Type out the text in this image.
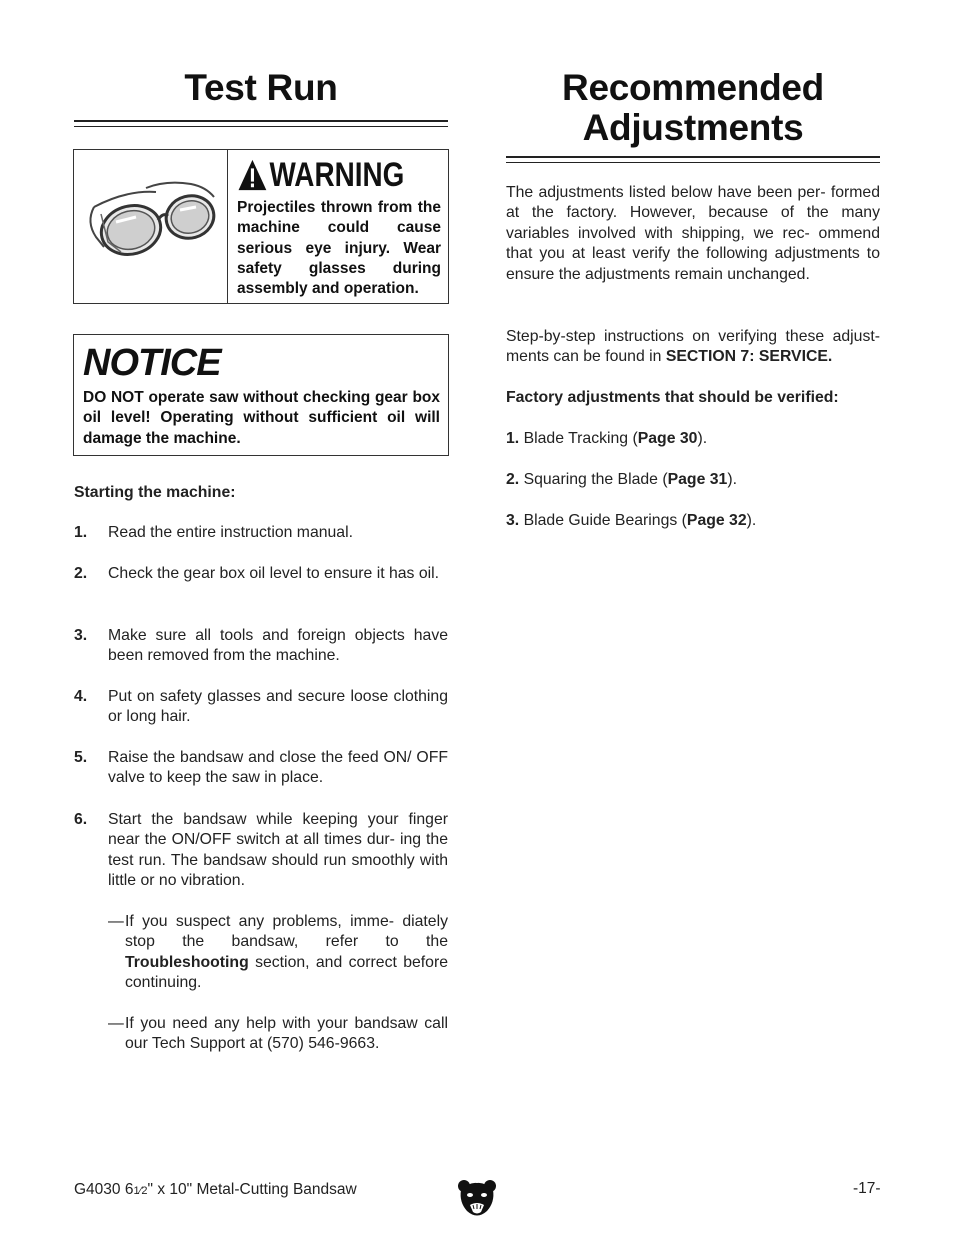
Test Run
WARNING

Projectiles thrown from the machine could cause serious eye injury. Wear safety glasses during assembly and operation.

NOTICE

DO NOT operate saw without checking gear box oil level! Operating without sufficient oil will damage the machine.

Starting the machine:

1. Read the entire instruction manual.

2. Check the gear box oil level to ensure it has oil.

3. Make sure all tools and foreign objects have been removed from the machine.

4. Put on safety glasses and secure loose clothing or long hair.

5. Raise the bandsaw and close the feed ON/ OFF valve to keep the saw in place.

6. Start the bandsaw while keeping your finger near the ON/OFF switch at all times dur- ing the test run. The bandsaw should run smoothly with little or no vibration.

— If you suspect any problems, imme- diately stop the bandsaw, refer to the Troubleshooting section, and correct before continuing.

— If you need any help with your bandsaw call our Tech Support at (570) 546-9663.

Recommended
Adjustments

The adjustments listed below have been per- formed at the factory. However, because of the many variables involved with shipping, we rec- ommend that you at least verify the following adjustments to ensure the adjustments remain unchanged.

Step-by-step instructions on verifying these adjust- ments can be found in SECTION 7: SERVICE.

Factory adjustments that should be verified:

1. Blade Tracking (Page 30).

2. Squaring the Blade (Page 31).

3. Blade Guide Bearings (Page 32).

G4030 61⁄2" x 10" Metal-Cutting Bandsaw	-17-
